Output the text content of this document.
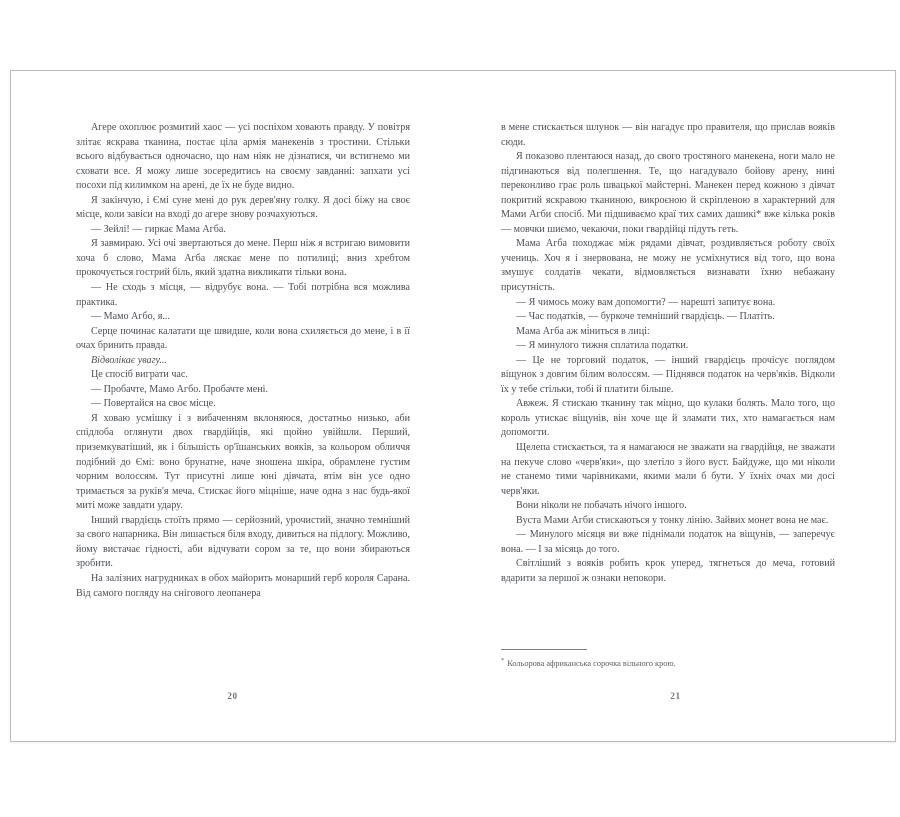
Агере охоплює розмитий хаос — усі поспіхом ховають правду. У повітря злітає яскрава тканина, постає ціла армія манекенів з тростини. Стільки всього відбувається одночасно, що нам ніяк не дізнатися, чи встигнемо ми сховати все. Я можу лише зосередитись на своєму завданні: запхати усі посохи під килимком на арені, де їх не буде видно.

Я закінчую, і Ємі суне мені до рук дерев'яну голку. Я досі біжу на своє місце, коли завіси на вході до агере знову розчахуються.

— Зейлі! — гиркає Мама Агба.

Я завмираю. Усі очі звертаються до мене. Перш ніж я встригаю вимовити хоча б слово, Мама Агба ляскає мене по потилиці; вниз хребтом прокочується гострий біль, який здатна викликати тільки вона.

— Не сходь з місця, — відрубує вона. — Тобі потрібна вся можлива практика.

— Мамо Агбо, я...

Серце починає калатати ще швидше, коли вона схиляється до мене, і в її очах бринить правда.

Відволікає увагу...

Це спосіб виграти час.

— Пробачте, Мамо Агбо. Пробачте мені.

— Повертайся на своє місце.

Я ховаю усмішку і з вибаченням вклоняюся, достатньо низько, аби спідлоба оглянути двох гвардійців, які щойно увійшли. Перший, приземкуватіший, як і більшість ор'їшанських вояків, за кольором обличчя подібний до Ємі: воно брунатне, наче зношена шкіра, обрамлене густим чорним волоссям. Тут присутні лише юні дівчата, втім він усе одно тримається за руків'я меча. Стискає його міцніше, наче одна з нас будь-якої миті може завдати удару.

Інший гвардієць стоїть прямо — серйозний, урочистий, значно темніший за свого напарника. Він лишається біля входу, дивиться на підлогу. Можливо, йому вистачає гідності, аби відчувати сором за те, що вони збираються зробити.

На залізних нагрудниках в обох майорить монарший герб короля Сарана. Від самого погляду на снігового леопанера

20

в мене стискається шлунок — він нагадує про правителя, що прислав вояків сюди.

Я показово плентаюся назад, до свого тростяного манекена, ноги мало не підгинаються від полегшення. Те, що нагадувало бойову арену, нині переконливо грає роль швацької майстерні. Манекен перед кожною з дівчат покритий яскравою тканиною, викроєною й скріпленою в характерний для Мами Агби спосіб. Ми підшиваємо краї тих самих дашикі* вже кілька років — мовчки шиємо, чекаючи, поки гвардійці підуть геть.

Мама Агба походжає між рядами дівчат, роздивляється роботу своїх учениць. Хоч я і знервована, не можу не усміхнутися від того, що вона змушує солдатів чекати, відмовляється визнавати їхню небажану присутність.

— Я чимось можу вам допомогти? — нарешті запитує вона.

— Час податків, — буркоче темніший гвардієць. — Платіть.

Мама Агба аж мі́ниться в лиці:

— Я минулого тижня сплатила податки.

— Це не торговий податок, — інший гвардієць прочісує поглядом віщунок з довгим білим волоссям. — Піднявся податок на черв'яків. Відколи їх у тебе стільки, тобі й платити більше.

Авжеж. Я стискаю тканину так міцно, що кулаки болять. Мало того, що король утискає віщунів, він хоче ще й зламати тих, хто намагається нам допомогти.

Щелепа стискається, та я намагаюся не зважати на гвардійця, не зважати на пекуче слово «черв'яки», що злетіло з його вуст. Байдуже, що ми ніколи не станемо тими чарівниками, якими мали б бути. У їхніх очах ми досі черв'яки.

Вони ніколи не побачать нічого іншого.

Вуста Мами Агби стискаються у тонку лінію. Зайвих монет вона не має.

— Минулого місяця ви вже піднімали податок на віщунів, — заперечує вона. — І за місяць до того.

Світліший з вояків робить крок уперед, тягнеться до меча, готовий вдарити за першої ж ознаки непокори.

* Кольорова африканська сорочка вільного крою.
21
